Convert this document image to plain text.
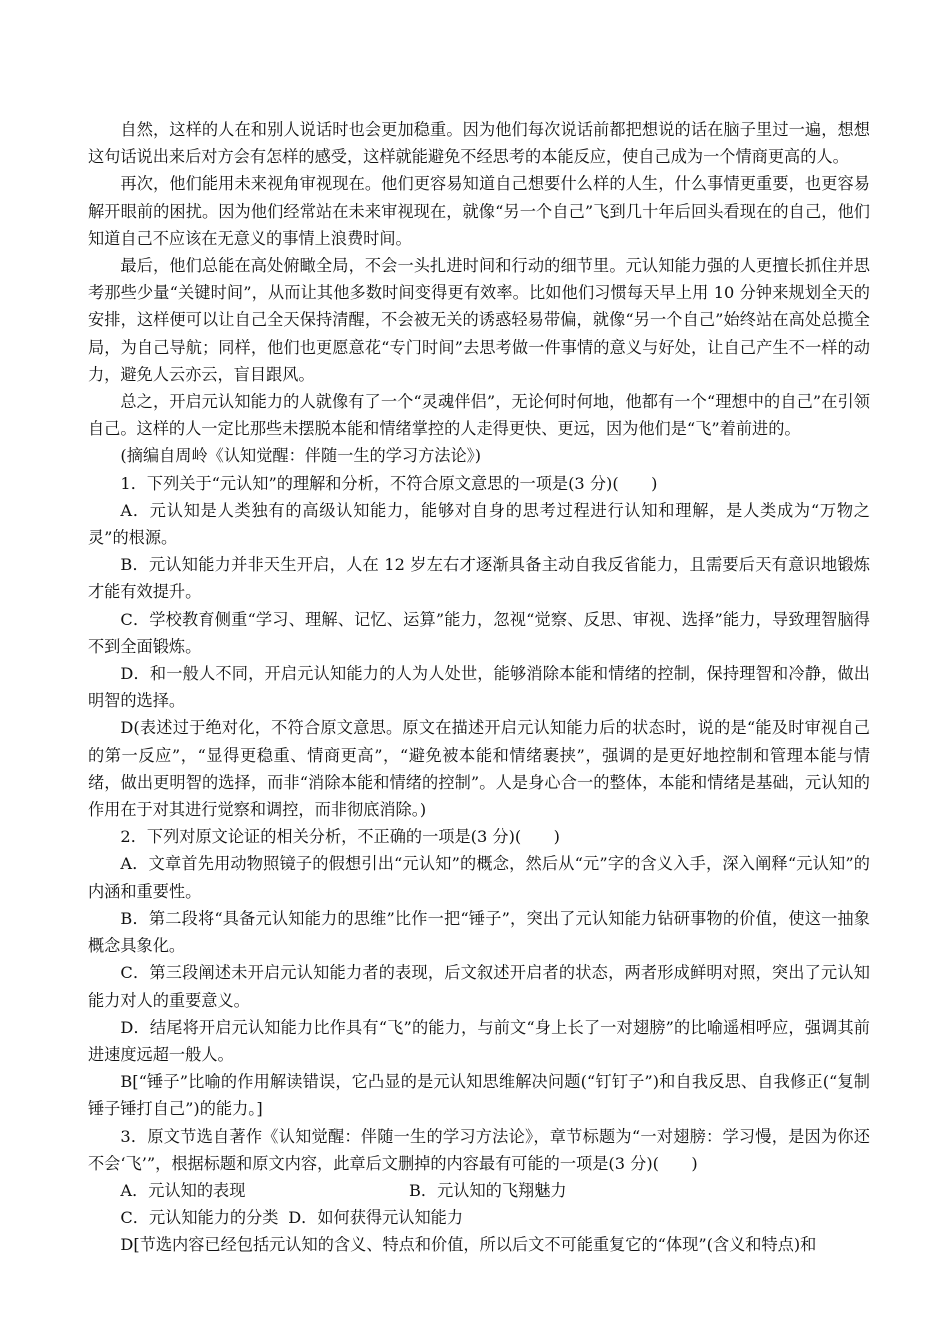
自然，这样的人在和别人说话时也会更加稳重。因为他们每次说话前都把想说的话在脑子里过一遍，想想这句话说出来后对方会有怎样的感受，这样就能避免不经思考的本能反应，使自己成为一个情商更高的人。

再次，他们能用未来视角审视现在。他们更容易知道自己想要什么样的人生，什么事情更重要，也更容易解开眼前的困扰。因为他们经常站在未来审视现在，就像“另一个自己”飞到几十年后回头看现在的自己，他们知道自己不应该在无意义的事情上浪费时间。

最后，他们总能在高处俯瞰全局，不会一头扎进时间和行动的细节里。元认知能力强的人更擅长抓住并思考那些少量“关键时间”，从而让其他多数时间变得更有效率。比如他们习惯每天早上用 10 分钟来规划全天的安排，这样便可以让自己全天保持清醒，不会被无关的诱惑轻易带偏，就像“另一个自己”始终站在高处总揽全局，为自己导航；同样，他们也更愿意花“专门时间”去思考做一件事情的意义与好处，让自己产生不一样的动力，避免人云亦云，盲目跟风。

总之，开启元认知能力的人就像有了一个“灵魂伴侣”，无论何时何地，他都有一个“理想中的自己”在引领自己。这样的人一定比那些未摆脱本能和情绪掌控的人走得更快、更远，因为他们是“飞”着前进的。

(摘编自周岭《认知觉醒：伴随一生的学习方法论》)

1．下列关于“元认知”的理解和分析，不符合原文意思的一项是(3 分)(　　)

A．元认知是人类独有的高级认知能力，能够对自身的思考过程进行认知和理解，是人类成为“万物之灵”的根源。

B．元认知能力并非天生开启，人在 12 岁左右才逐渐具备主动自我反省能力，且需要后天有意识地锻炼才能有效提升。

C．学校教育侧重“学习、理解、记忆、运算”能力，忽视“觉察、反思、审视、选择”能力，导致理智脑得不到全面锻炼。

D．和一般人不同，开启元认知能力的人为人处世，能够消除本能和情绪的控制，保持理智和冷静，做出明智的选择。

D(表述过于绝对化，不符合原文意思。原文在描述开启元认知能力后的状态时，说的是“能及时审视自己的第一反应”，“显得更稳重、情商更高”，“避免被本能和情绪裹挟”，强调的是更好地控制和管理本能与情绪，做出更明智的选择，而非“消除本能和情绪的控制”。人是身心合一的整体，本能和情绪是基础，元认知的作用在于对其进行觉察和调控，而非彻底消除。)

2．下列对原文论证的相关分析，不正确的一项是(3 分)(　　)

A．文章首先用动物照镜子的假想引出“元认知”的概念，然后从“元”字的含义入手，深入阐释“元认知”的内涵和重要性。

B．第二段将“具备元认知能力的思维”比作一把“锤子”，突出了元认知能力钻研事物的价值，使这一抽象概念具象化。

C．第三段阐述未开启元认知能力者的表现，后文叙述开启者的状态，两者形成鲜明对照，突出了元认知能力对人的重要意义。

D．结尾将开启元认知能力比作具有“飞”的能力，与前文“身上长了一对翅膀”的比喻遥相呼应，强调其前进速度远超一般人。

B[“锤子”比喻的作用解读错误，它凸显的是元认知思维解决问题(“钉钉子”)和自我反思、自我修正(“复制锤子锤打自己”)的能力。]

3．原文节选自著作《认知觉醒：伴随一生的学习方法论》，章节标题为“一对翅膀：学习慢，是因为你还不会‘飞’”，根据标题和原文内容，此章后文删掉的内容最有可能的一项是(3 分)(　　)

A．元认知的表现	B．元认知的飞翔魅力
C．元认知能力的分类 D．如何获得元认知能力

D[节选内容已经包括元认知的含义、特点和价值，所以后文不可能重复它的“体现”(含义和特点)和
